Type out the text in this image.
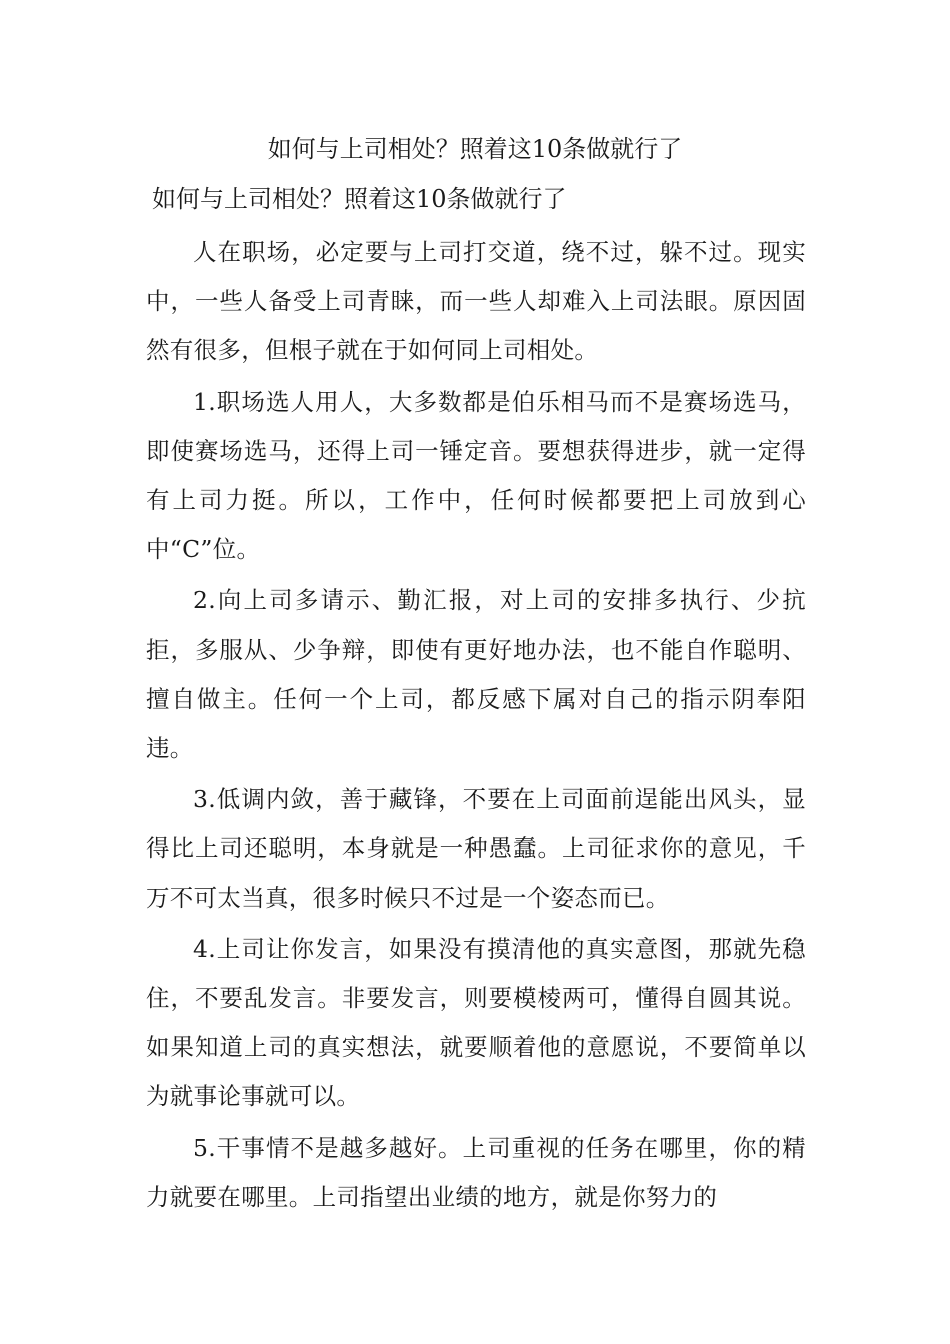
如何与上司相处？照着这10条做就行了

如何与上司相处？照着这10条做就行了

人在职场，必定要与上司打交道，绕不过，躲不过。现实中，一些人备受上司青睐，而一些人却难入上司法眼。原因固然有很多，但根子就在于如何同上司相处。

1.职场选人用人，大多数都是伯乐相马而不是赛场选马，即使赛场选马，还得上司一锤定音。要想获得进步，就一定得有上司力挺。所以，工作中，任何时候都要把上司放到心中“C”位。

2.向上司多请示、勤汇报，对上司的安排多执行、少抗拒，多服从、少争辩，即使有更好地办法，也不能自作聪明、擅自做主。任何一个上司，都反感下属对自己的指示阴奉阳违。

3.低调内敛，善于藏锋，不要在上司面前逞能出风头，显得比上司还聪明，本身就是一种愚蠢。上司征求你的意见，千万不可太当真，很多时候只不过是一个姿态而已。

4.上司让你发言，如果没有摸清他的真实意图，那就先稳住，不要乱发言。非要发言，则要模棱两可，懂得自圆其说。如果知道上司的真实想法，就要顺着他的意愿说，不要简单以为就事论事就可以。

5.干事情不是越多越好。上司重视的任务在哪里，你的精力就要在哪里。上司指望出业绩的地方，就是你努力的
